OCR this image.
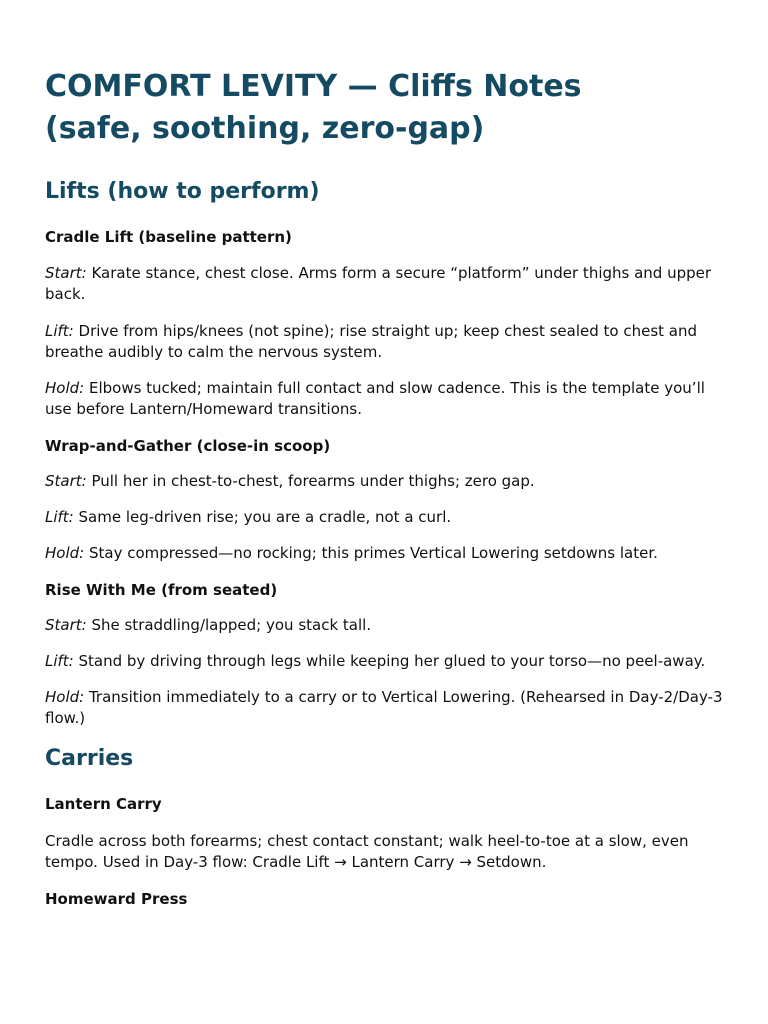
COMFORT LEVITY — Cliffs Notes
(safe, soothing, zero-gap)
Lifts (how to perform)
Cradle Lift (baseline pattern)

Start: Karate stance, chest close. Arms form a secure “platform” under thighs and upper back.

Lift: Drive from hips/knees (not spine); rise straight up; keep chest sealed to chest and breathe audibly to calm the nervous system.

Hold: Elbows tucked; maintain full contact and slow cadence. This is the template you’ll use before Lantern/Homeward transitions.

Wrap-and-Gather (close-in scoop)

Start: Pull her in chest-to-chest, forearms under thighs; zero gap.

Lift: Same leg-driven rise; you are a cradle, not a curl.

Hold: Stay compressed—no rocking; this primes Vertical Lowering setdowns later.

Rise With Me (from seated)

Start: She straddling/lapped; you stack tall.

Lift: Stand by driving through legs while keeping her glued to your torso—no peel-away.

Hold: Transition immediately to a carry or to Vertical Lowering. (Rehearsed in Day-2/Day-3 flow.)

Carries
Lantern Carry

Cradle across both forearms; chest contact constant; walk heel-to-toe at a slow, even tempo. Used in Day-3 flow: Cradle Lift → Lantern Carry → Setdown.

Homeward Press
